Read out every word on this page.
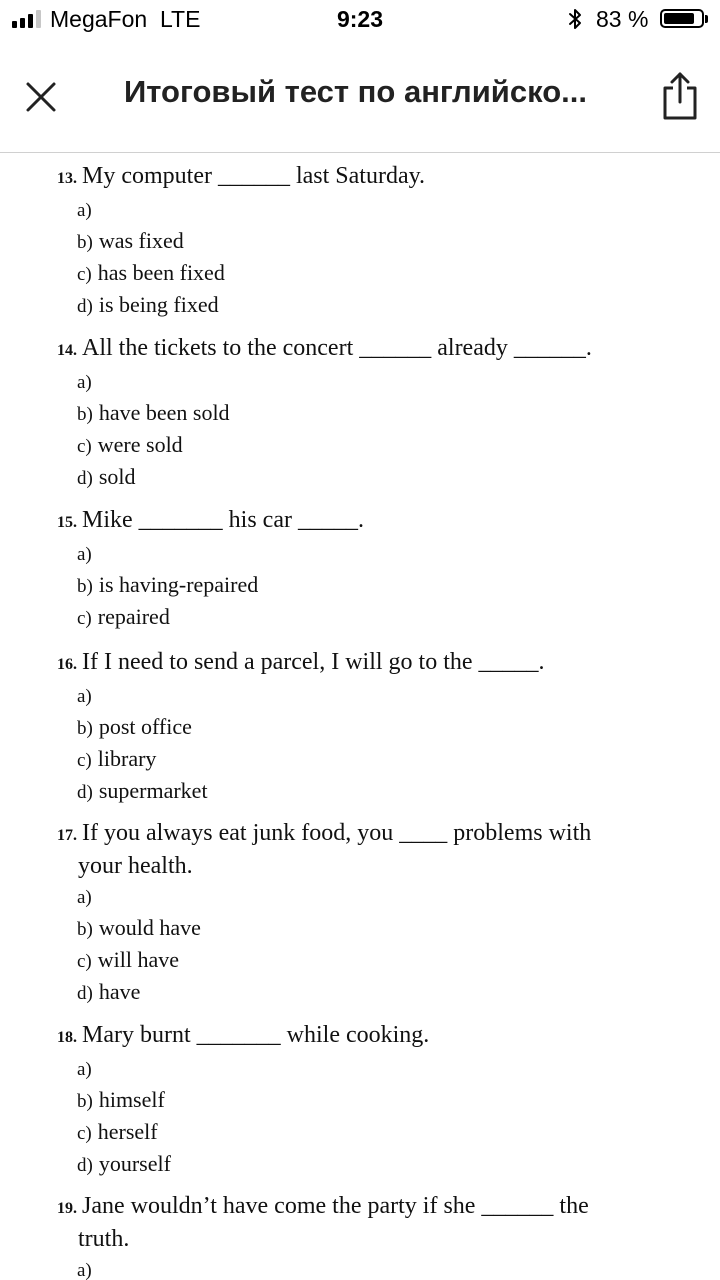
MegaFon  LTE	9:23	83 %
Итоговый тест по английско...
13. My computer ______ last Saturday.
a)
b) was fixed
c) has been fixed
d) is being fixed
14. All the tickets to the concert ______ already ______.
a)
b) have been sold
c) were sold
d) sold
15. Mike _______ his car _____.
a)
b) is having-repaired
c) repaired
16. If I need to send a parcel, I will go to the _____.
a)
b) post office
c) library
d) supermarket
17. If you always eat junk food, you ____ problems with
your health.
a)
b) would have
c) will have
d) have
18. Mary burnt _______ while cooking.
a)
b) himself
c) herself
d) yourself
19. Jane wouldn’t have come the party if she ______ the
truth.
a)
